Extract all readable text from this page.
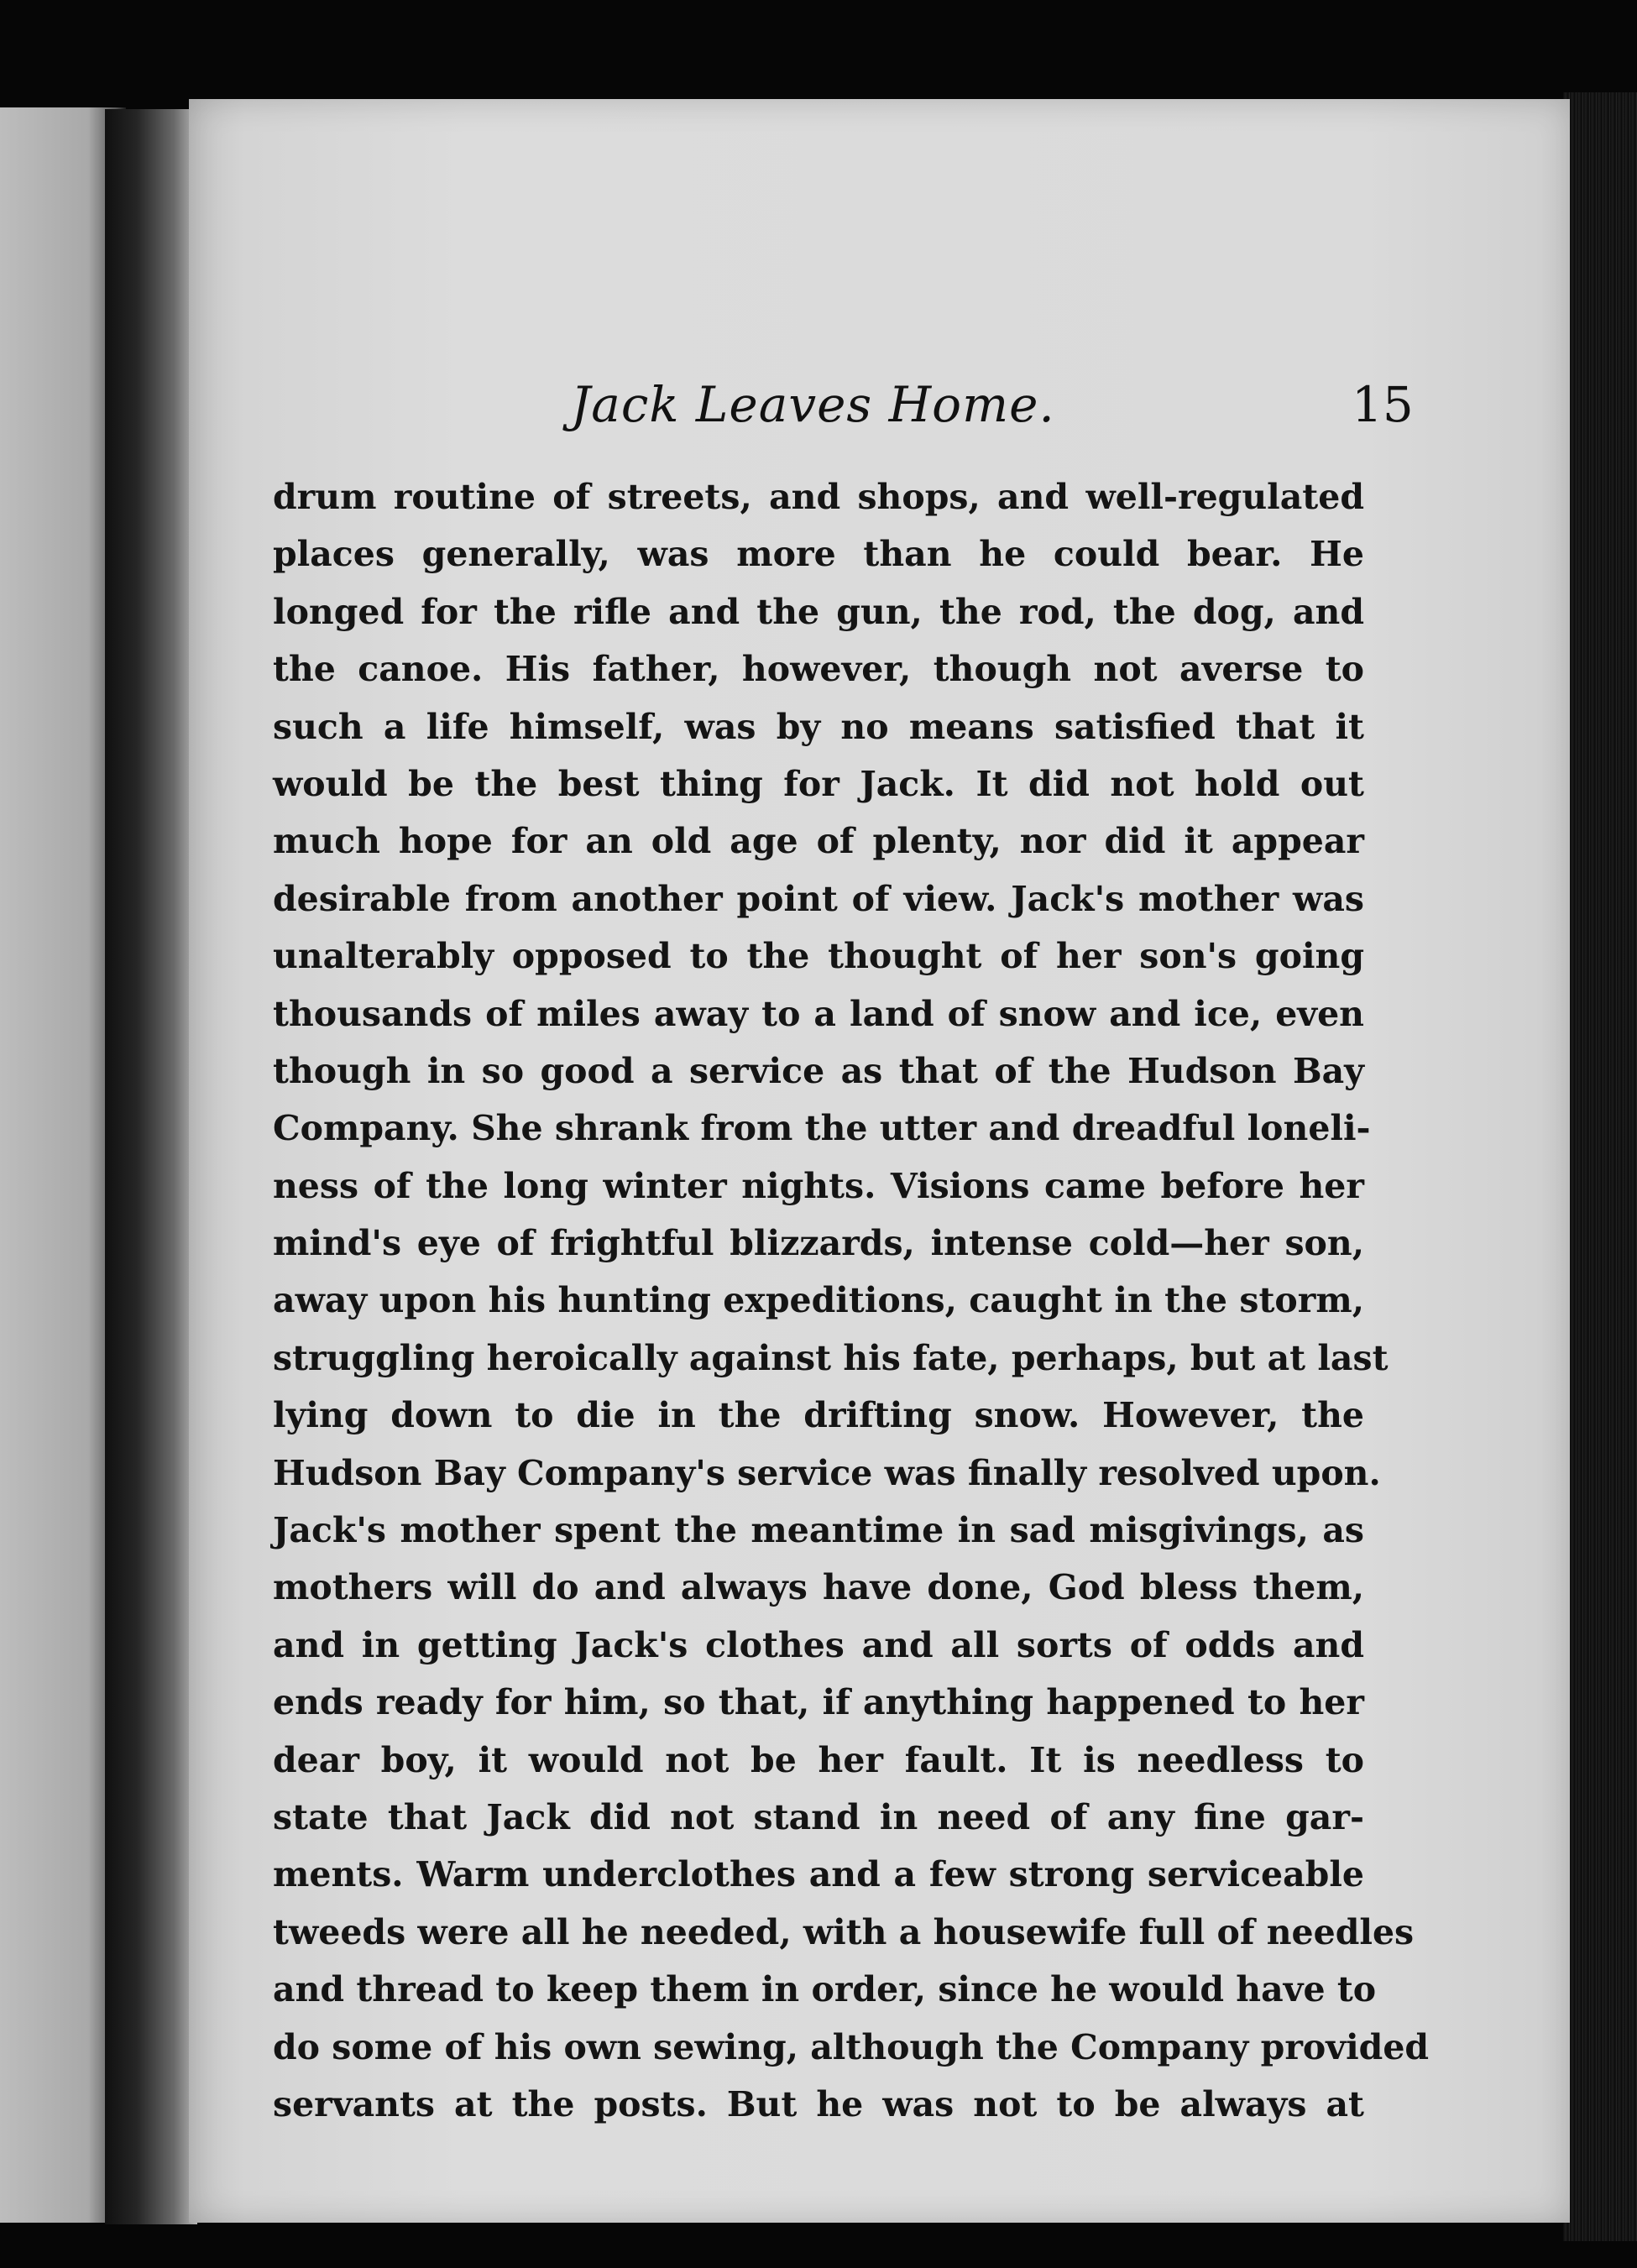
Jack Leaves Home.	15
drum routine of streets, and shops, and well-regulated
places generally, was more than he could bear. He
longed for the rifle and the gun, the rod, the dog, and
the canoe. His father, however, though not averse to
such a life himself, was by no means satisfied that it
would be the best thing for Jack. It did not hold out
much hope for an old age of plenty, nor did it appear
desirable from another point of view. Jack's mother was
unalterably opposed to the thought of her son's going
thousands of miles away to a land of snow and ice, even
though in so good a service as that of the Hudson Bay
Company. She shrank from the utter and dreadful loneli-
ness of the long winter nights. Visions came before her
mind's eye of frightful blizzards, intense cold—her son,
away upon his hunting expeditions, caught in the storm,
struggling heroically against his fate, perhaps, but at last
lying down to die in the drifting snow. However, the
Hudson Bay Company's service was finally resolved upon.
Jack's mother spent the meantime in sad misgivings, as
mothers will do and always have done, God bless them,
and in getting Jack's clothes and all sorts of odds and
ends ready for him, so that, if anything happened to her
dear boy, it would not be her fault. It is needless to
state that Jack did not stand in need of any fine gar-
ments. Warm underclothes and a few strong serviceable
tweeds were all he needed, with a housewife full of needles
and thread to keep them in order, since he would have to
do some of his own sewing, although the Company provided
servants at the posts. But he was not to be always at
